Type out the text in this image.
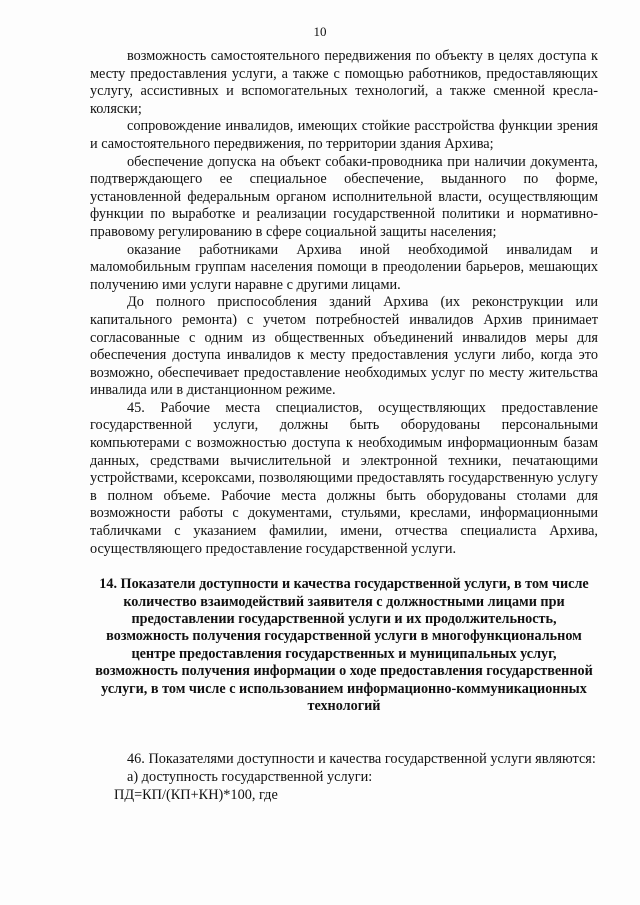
10

возможность самостоятельного передвижения по объекту в целях доступа к месту предоставления услуги, а также с помощью работников, предоставляющих услугу, ассистивных и вспомогательных технологий, а также сменной кресла-коляски;

сопровождение инвалидов, имеющих стойкие расстройства функции зрения и самостоятельного передвижения, по территории здания Архива;

обеспечение допуска на объект собаки-проводника при наличии документа, подтверждающего ее специальное обеспечение, выданного по форме, установленной федеральным органом исполнительной власти, осуществляющим функции по выработке и реализации государственной политики и нормативно-правовому регулированию в сфере социальной защиты населения;

оказание работниками Архива иной необходимой инвалидам и маломобильным группам населения помощи в преодолении барьеров, мешающих получению ими услуги наравне с другими лицами.

До полного приспособления зданий Архива (их реконструкции или капитального ремонта) с учетом потребностей инвалидов Архив принимает согласованные с одним из общественных объединений инвалидов меры для обеспечения доступа инвалидов к месту предоставления услуги либо, когда это возможно, обеспечивает предоставление необходимых услуг по месту жительства инвалида или в дистанционном режиме.

45. Рабочие места специалистов, осуществляющих предоставление государственной услуги, должны быть оборудованы персональными компьютерами с возможностью доступа к необходимым информационным базам данных, средствами вычислительной и электронной техники, печатающими устройствами, ксероксами, позволяющими предоставлять государственную услугу в полном объеме. Рабочие места должны быть оборудованы столами для возможности работы с документами, стульями, креслами, информационными табличками с указанием фамилии, имени, отчества специалиста Архива, осуществляющего предоставление государственной услуги.

14. Показатели доступности и качества государственной услуги, в том числе количество взаимодействий заявителя с должностными лицами при предоставлении государственной услуги и их продолжительность, возможность получения государственной услуги в многофункциональном центре предоставления государственных и муниципальных услуг, возможность получения информации о ходе предоставления государственной услуги, в том числе с использованием информационно-коммуникационных технологий

46. Показателями доступности и качества государственной услуги являются:

а) доступность государственной услуги:

ПД=КП/(КП+КН)*100, где
